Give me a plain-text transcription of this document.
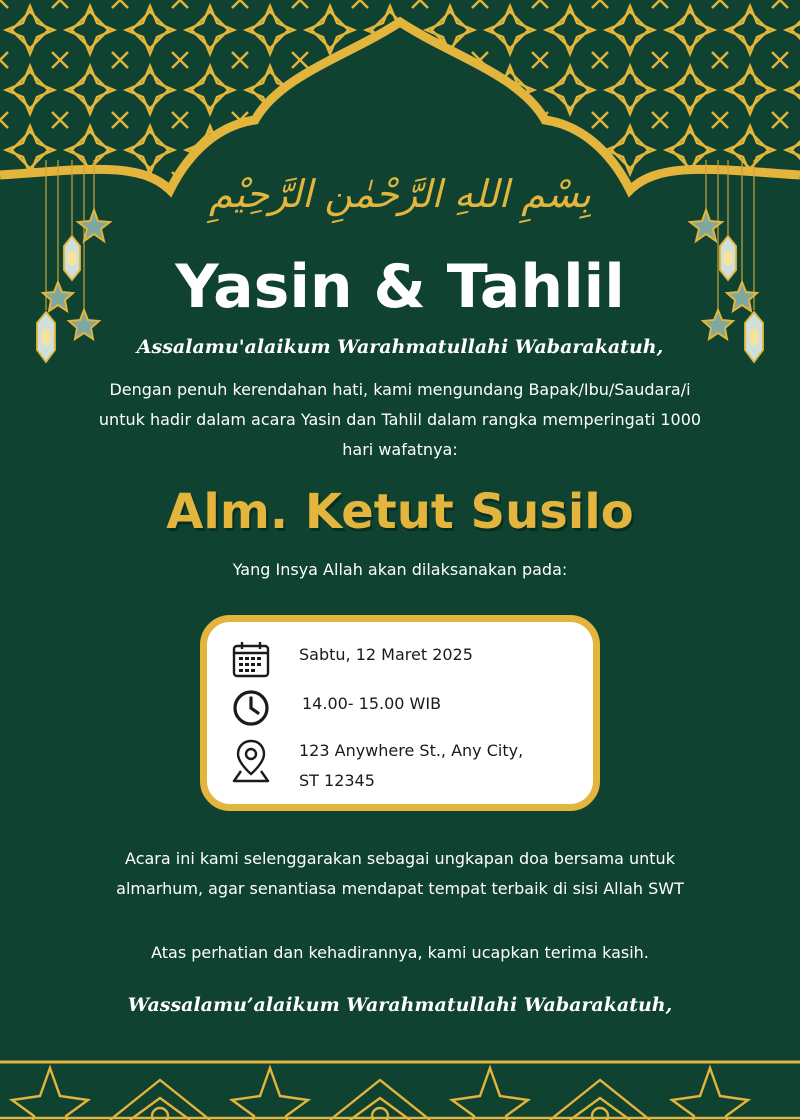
بِسْمِ اللهِ الرَّحْمٰنِ الرَّحِيْمِ
Yasin & Tahlil
Assalamu'alaikum Warahmatullahi Wabarakatuh,
Dengan penuh kerendahan hati, kami mengundang Bapak/Ibu/Saudara/i untuk hadir dalam acara Yasin dan Tahlil dalam rangka memperingati 1000 hari wafatnya:
Alm. Ketut Susilo
Yang Insya Allah akan dilaksanakan pada:
Sabtu, 12 Maret 2025
14.00- 15.00 WIB
123 Anywhere St., Any City,
ST 12345
Acara ini kami selenggarakan sebagai ungkapan doa bersama untuk almarhum, agar senantiasa mendapat tempat terbaik di sisi Allah SWT
Atas perhatian dan kehadirannya, kami ucapkan terima kasih.
Wassalamu’alaikum Warahmatullahi Wabarakatuh,
